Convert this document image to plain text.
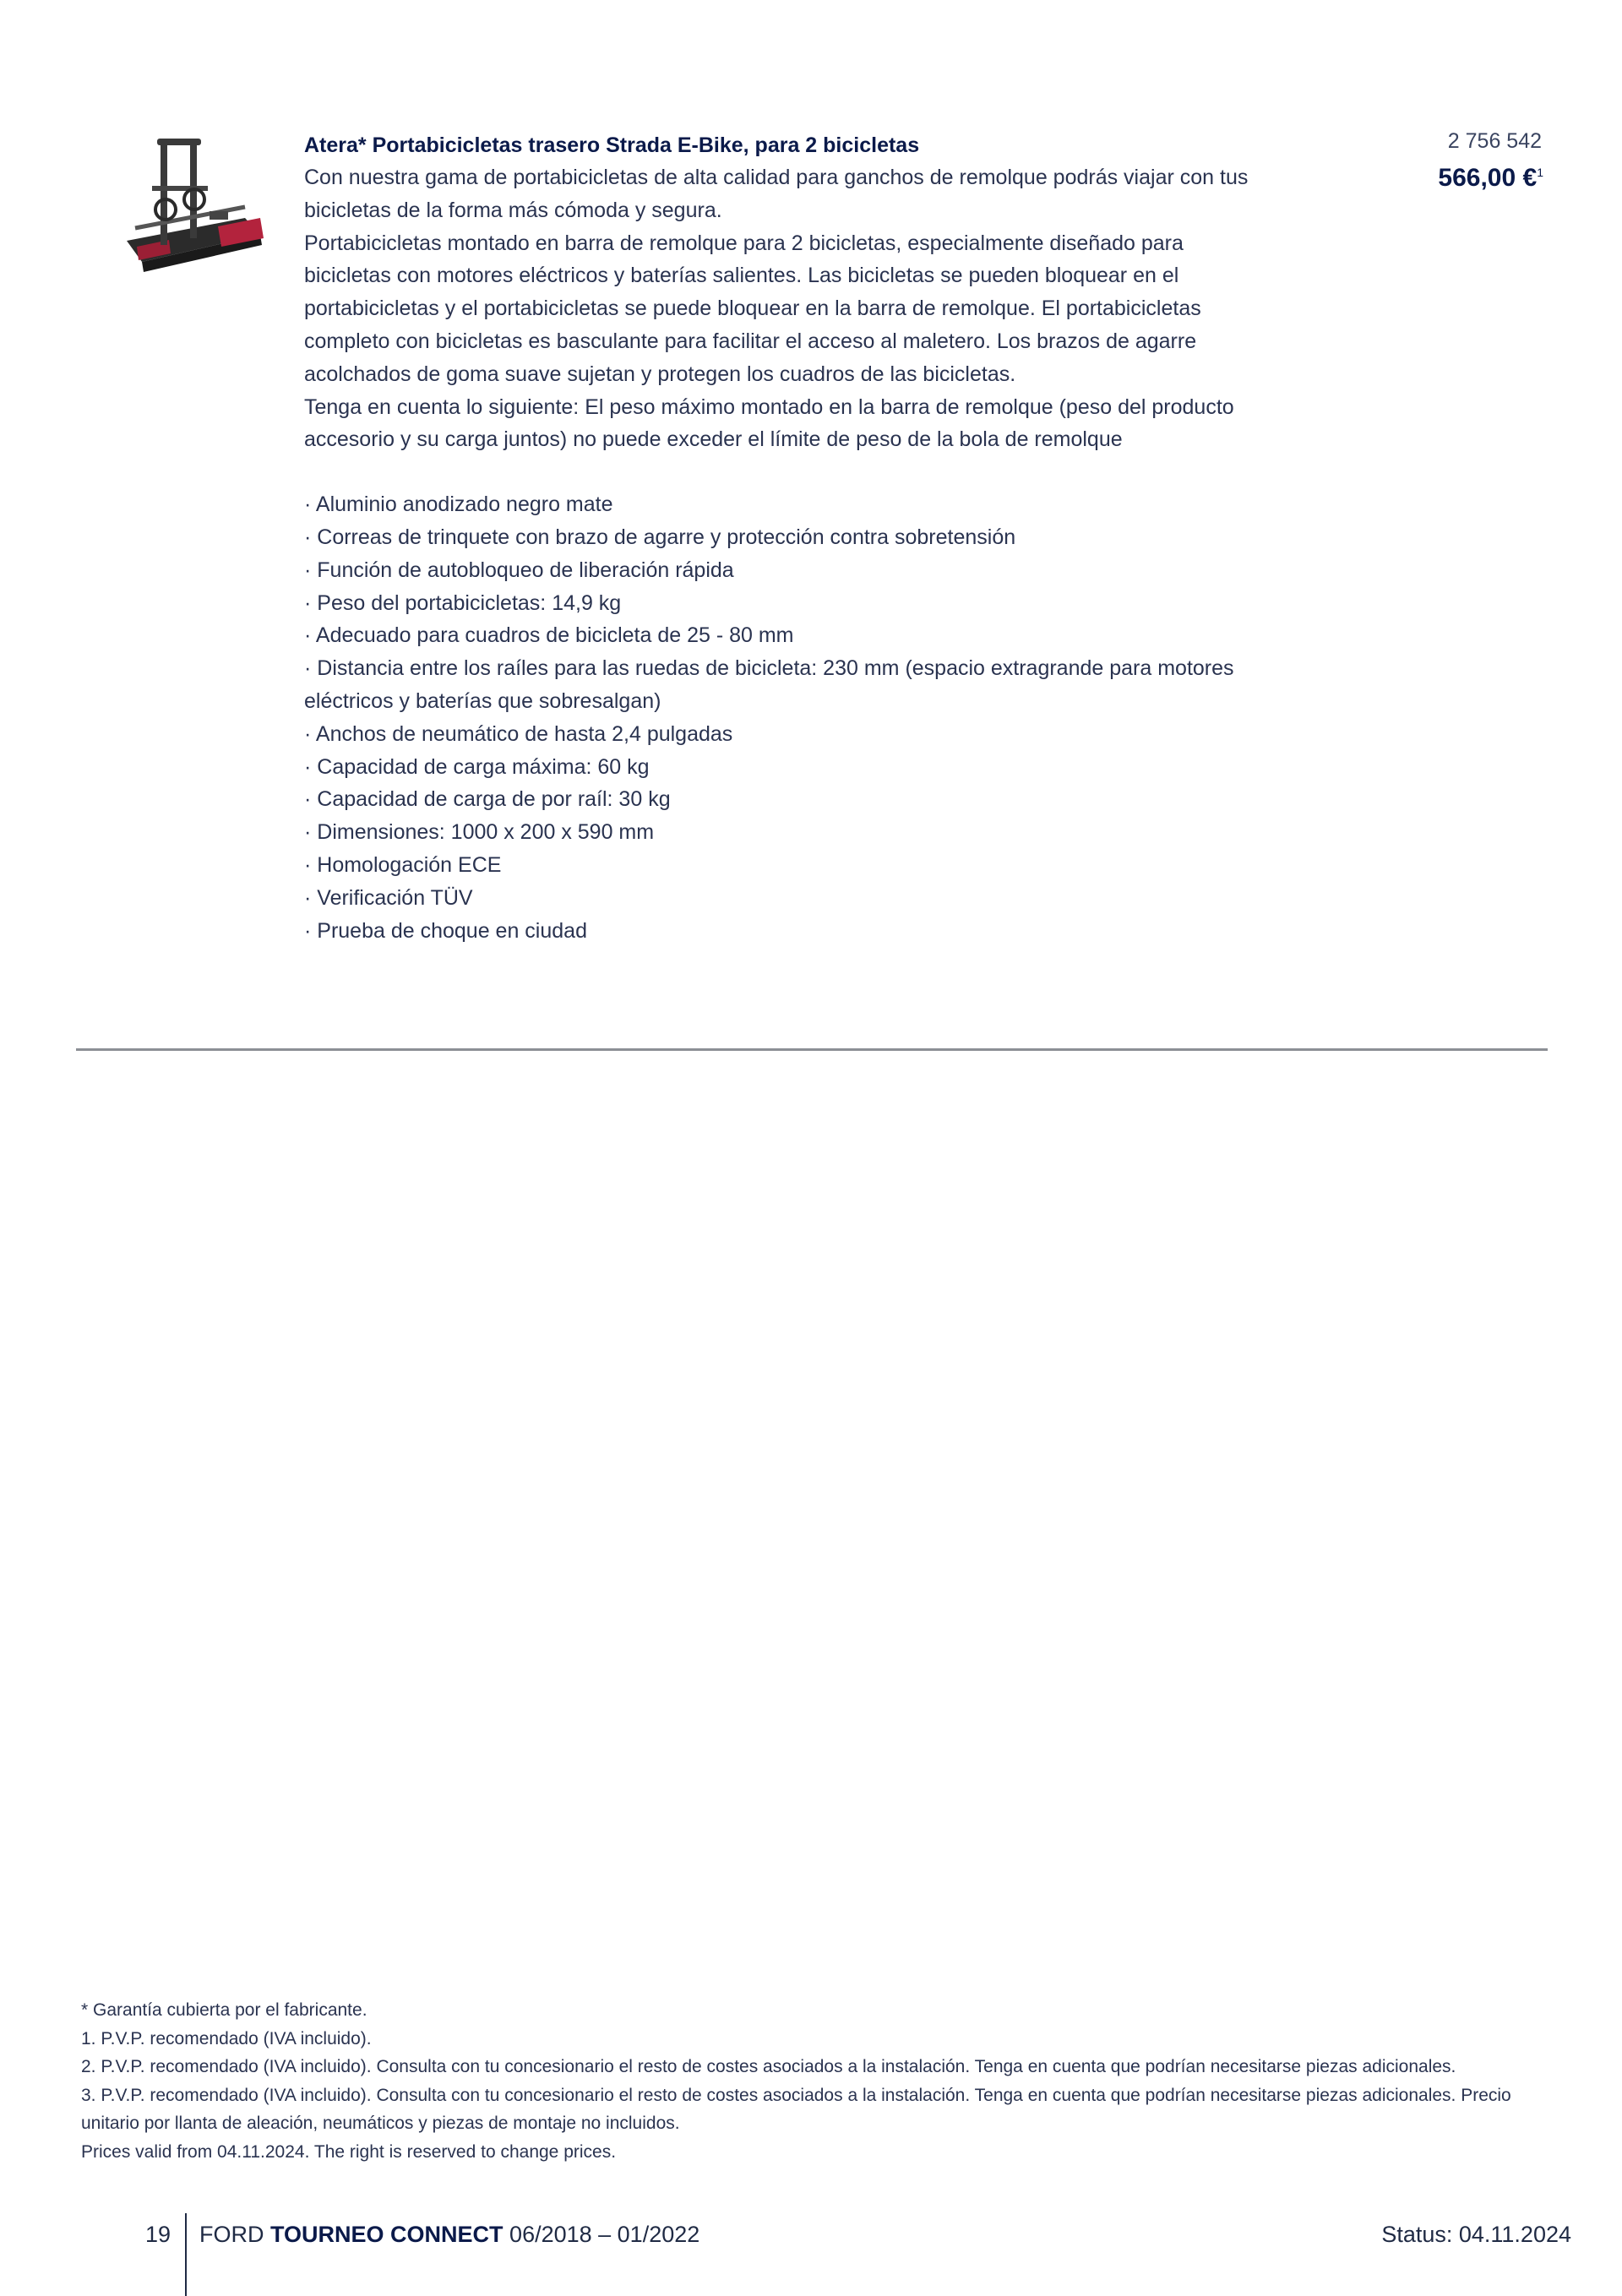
Atera* Portabicicletas trasero Strada E-Bike, para 2 bicicletas

Con nuestra gama de portabicicletas de alta calidad para ganchos de remolque podrás viajar con tus bicicletas de la forma más cómoda y segura.

Portabicicletas montado en barra de remolque para 2 bicicletas, especialmente diseñado para bicicletas con motores eléctricos y baterías salientes. Las bicicletas se pueden bloquear en el portabicicletas y el portabicicletas se puede bloquear en la barra de remolque. El portabicicletas completo con bicicletas es basculante para facilitar el acceso al maletero. Los brazos de agarre acolchados de goma suave sujetan y protegen los cuadros de las bicicletas.

Tenga en cuenta lo siguiente: El peso máximo montado en la barra de remolque (peso del producto accesorio y su carga juntos) no puede exceder el límite de peso de la bola de remolque

· Aluminio anodizado negro mate
· Correas de trinquete con brazo de agarre y protección contra sobretensión
· Función de autobloqueo de liberación rápida
· Peso del portabicicletas: 14,9 kg
· Adecuado para cuadros de bicicleta de 25 - 80 mm
· Distancia entre los raíles para las ruedas de bicicleta: 230 mm (espacio extragrande para motores eléctricos y baterías que sobresalgan)
· Anchos de neumático de hasta 2,4 pulgadas
· Capacidad de carga máxima: 60 kg
· Capacidad de carga de por raíl: 30 kg
· Dimensiones: 1000 x 200 x 590 mm
· Homologación ECE
· Verificación TÜV
· Prueba de choque en ciudad
2 756 542
566,00 €$^1$

* Garantía cubierta por el fabricante.

1. P.V.P. recomendado (IVA incluido).

2. P.V.P. recomendado (IVA incluido). Consulta con tu concesionario el resto de costes asociados a la instalación. Tenga en cuenta que podrían necesitarse piezas adicionales.

3. P.V.P. recomendado (IVA incluido). Consulta con tu concesionario el resto de costes asociados a la instalación. Tenga en cuenta que podrían necesitarse piezas adicionales. Precio unitario por llanta de aleación, neumáticos y piezas de montaje no incluidos.

Prices valid from 04.11.2024. The right is reserved to change prices.

19 FORD TOURNEO CONNECT 06/2018 – 01/2022	Status: 04.11.2024
